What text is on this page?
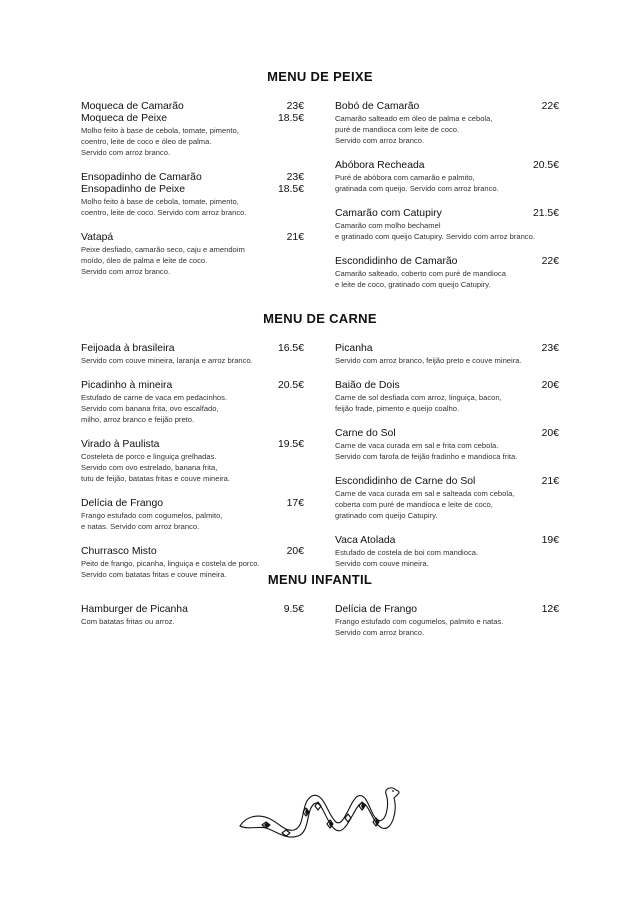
MENU DE PEIXE
Moqueca de Camarão	23€
Moqueca de Peixe	18.5€
Molho feito à base de cebola, tomate, pimento,
coentro, leite de coco e óleo de palma.
Servido com arroz branco.
Ensopadinho de Camarão	23€
Ensopadinho de Peixe	18.5€
Molho feito à base de cebola, tomate, pimento,
coentro, leite de coco. Servido com arroz branco.
Vatapá	21€
Peixe desfiado, camarão seco, caju e amendoim
moído, óleo de palma e leite de coco.
Servido com arroz branco.
Bobó de Camarão	22€
Camarão salteado em óleo de palma e cebola,
puré de mandioca com leite de coco.
Servido com arroz branco.
Abóbora Recheada	20.5€
Puré de abóbora com camarão e palmito,
gratinada com queijo. Servido com arroz branco.
Camarão com Catupiry	21.5€
Camarão com molho bechamel
e gratinado com queijo Catupiry. Servido com arroz branco.
Escondidinho de Camarão	22€
Camarão salteado, coberto com puré de mandioca
e leite de coco, gratinado com queijo Catupiry.
MENU DE CARNE
Feijoada à brasileira	16.5€
Servido com couve mineira, laranja e arroz branco.
Picadinho à mineira	20.5€
Estufado de carne de vaca em pedacinhos.
Servido com banana frita, ovo escalfado,
milho, arroz branco e feijão preto.
Virado à Paulista	19.5€
Costeleta de porco e linguiça grelhadas.
Servido com ovo estrelado, banana frita,
tutu de feijão, batatas fritas e couve mineira.
Delícia de Frango	17€
Frango estufado com cogumelos, palmito,
e natas. Servido com arroz branco.
Churrasco Misto	20€
Peito de frango, picanha, linguiça e costela de porco.
Servido com batatas fritas e couve mineira.
Picanha	23€
Servido com arroz branco, feijão preto e couve mineira.
Baião de Dois	20€
Carne de sol desfiada com arroz, linguiça, bacon,
feijão frade, pimento e queijo coalho.
Carne do Sol	20€
Carne de vaca curada em sal e frita com cebola.
Servido com farofa de feijão fradinho e mandioca frita.
Escondidinho de Carne do Sol	21€
Carne de vaca curada em sal e salteada com cebola,
coberta com puré de mandioca e leite de coco,
gratinado com queijo Catupiry.
Vaca Atolada	19€
Estufado de costela de boi com mandioca.
Servido com couve mineira.
MENU INFANTIL
Hamburger de Picanha	9.5€
Com batatas fritas ou arroz.
Delícia de Frango	12€
Frango estufado com cogumelos, palmito e natas.
Servido com arroz branco.
